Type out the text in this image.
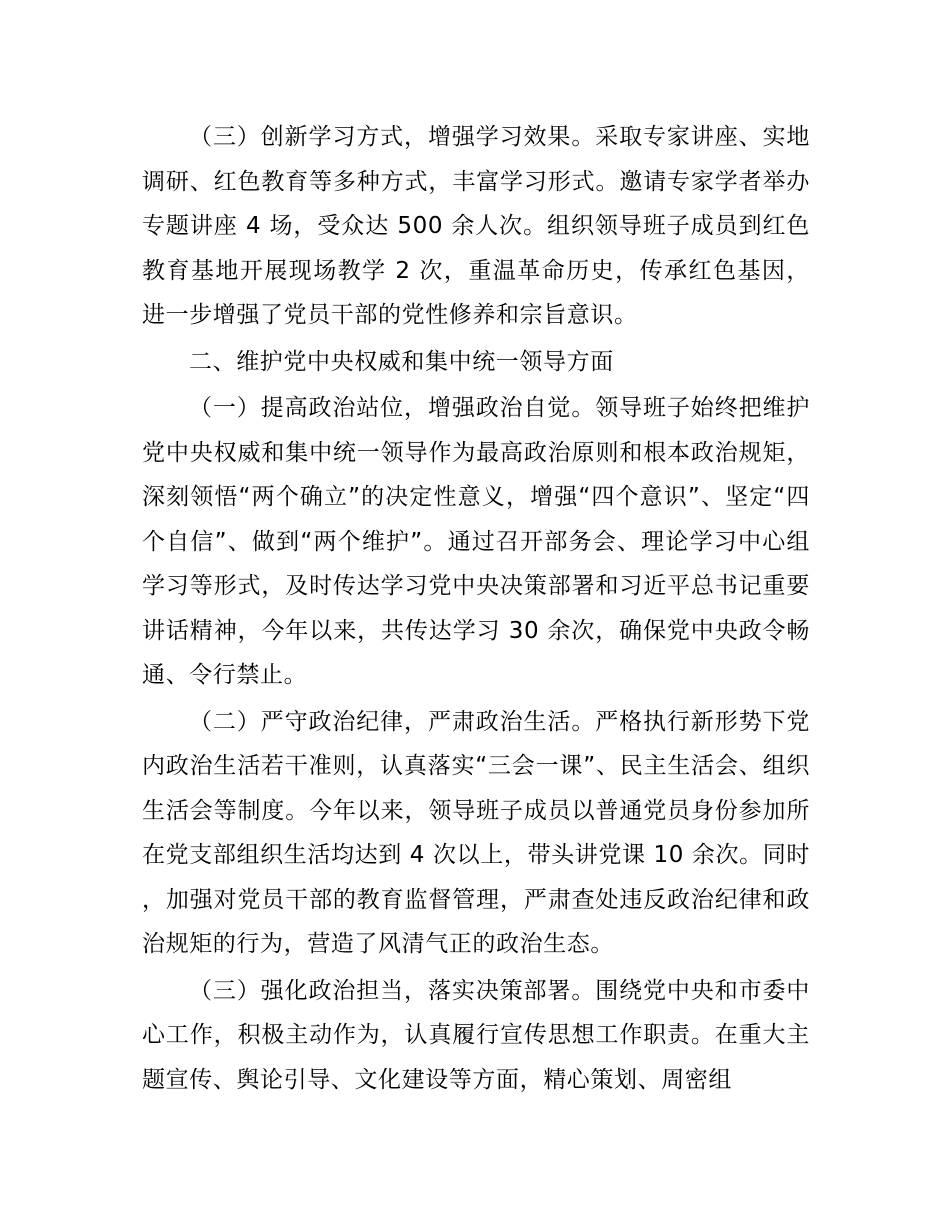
（三）创新学习方式，增强学习效果。采取专家讲座、实地调研、红色教育等多种方式，丰富学习形式。邀请专家学者举办专题讲座 4 场，受众达 500 余人次。组织领导班子成员到红色教育基地开展现场教学 2 次，重温革命历史，传承红色基因，进一步增强了党员干部的党性修养和宗旨意识。

二、维护党中央权威和集中统一领导方面

（一）提高政治站位，增强政治自觉。领导班子始终把维护党中央权威和集中统一领导作为最高政治原则和根本政治规矩，深刻领悟“两个确立”的决定性意义，增强“四个意识”、坚定“四个自信”、做到“两个维护”。通过召开部务会、理论学习中心组学习等形式，及时传达学习党中央决策部署和习近平总书记重要讲话精神，今年以来，共传达学习 30 余次，确保党中央政令畅通、令行禁止。

（二）严守政治纪律，严肃政治生活。严格执行新形势下党内政治生活若干准则，认真落实“三会一课”、民主生活会、组织生活会等制度。今年以来，领导班子成员以普通党员身份参加所在党支部组织生活均达到 4 次以上，带头讲党课 10 余次。同时，加强对党员干部的教育监督管理，严肃查处违反政治纪律和政治规矩的行为，营造了风清气正的政治生态。

（三）强化政治担当，落实决策部署。围绕党中央和市委中心工作，积极主动作为，认真履行宣传思想工作职责。在重大主题宣传、舆论引导、文化建设等方面，精心策划、周密组
